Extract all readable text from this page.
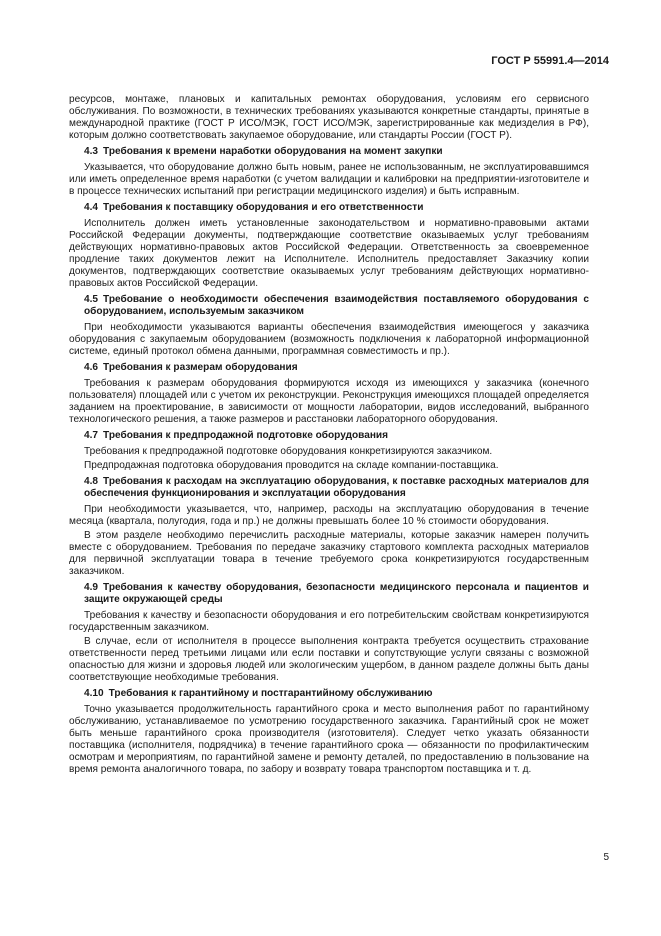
ГОСТ Р 55991.4—2014

ресурсов, монтаже, плановых и капитальных ремонтах оборудования, условиям его сервисного обслуживания. По возможности, в технических требованиях указываются конкретные стандарты, принятые в международной практике (ГОСТ Р ИСО/МЭК, ГОСТ ИСО/МЭК, зарегистрированные как медизделия в РФ), которым должно соответствовать закупаемое оборудование, или стандарты России (ГОСТ Р).

4.3 Требования к времени наработки оборудования на момент закупки

Указывается, что оборудование должно быть новым, ранее не использованным, не эксплуатировавшимся или иметь определенное время наработки (с учетом валидации и калибровки на предприятии-изготовителе и в процессе технических испытаний при регистрации медицинского изделия) и быть исправным.

4.4 Требования к поставщику оборудования и его ответственности

Исполнитель должен иметь установленные законодательством и нормативно-правовыми актами Российской Федерации документы, подтверждающие соответствие оказываемых услуг требованиям действующих нормативно-правовых актов Российской Федерации. Ответственность за своевременное продление таких документов лежит на Исполнителе. Исполнитель предоставляет Заказчику копии документов, подтверждающих соответствие оказываемых услуг требованиям действующих нормативно-правовых актов Российской Федерации.

4.5 Требование о необходимости обеспечения взаимодействия поставляемого оборудования с оборудованием, используемым заказчиком

При необходимости указываются варианты обеспечения взаимодействия имеющегося у заказчика оборудования с закупаемым оборудованием (возможность подключения к лабораторной информационной системе, единый протокол обмена данными, программная совместимость и пр.).

4.6 Требования к размерам оборудования

Требования к размерам оборудования формируются исходя из имеющихся у заказчика (конечного пользователя) площадей или с учетом их реконструкции. Реконструкция имеющихся площадей определяется заданием на проектирование, в зависимости от мощности лаборатории, видов исследований, выбранного технологического решения, а также размеров и расстановки лабораторного оборудования.

4.7 Требования к предпродажной подготовке оборудования

Требования к предпродажной подготовке оборудования конкретизируются заказчиком.

Предпродажная подготовка оборудования проводится на складе компании-поставщика.

4.8 Требования к расходам на эксплуатацию оборудования, к поставке расходных материалов для обеспечения функционирования и эксплуатации оборудования

При необходимости указывается, что, например, расходы на эксплуатацию оборудования в течение месяца (квартала, полугодия, года и пр.) не должны превышать более 10 % стоимости оборудования.

В этом разделе необходимо перечислить расходные материалы, которые заказчик намерен получить вместе с оборудованием. Требования по передаче заказчику стартового комплекта расходных материалов для первичной эксплуатации товара в течение требуемого срока конкретизируются государственным заказчиком.

4.9 Требования к качеству оборудования, безопасности медицинского персонала и пациентов и защите окружающей среды

Требования к качеству и безопасности оборудования и его потребительским свойствам конкретизируются государственным заказчиком.

В случае, если от исполнителя в процессе выполнения контракта требуется осуществить страхование ответственности перед третьими лицами или если поставки и сопутствующие услуги связаны с возможной опасностью для жизни и здоровья людей или экологическим ущербом, в данном разделе должны быть даны соответствующие необходимые требования.

4.10 Требования к гарантийному и постгарантийному обслуживанию

Точно указывается продолжительность гарантийного срока и место выполнения работ по гарантийному обслуживанию, устанавливаемое по усмотрению государственного заказчика. Гарантийный срок не может быть меньше гарантийного срока производителя (изготовителя). Следует четко указать обязанности поставщика (исполнителя, подрядчика) в течение гарантийного срока — обязанности по профилактическим осмотрам и мероприятиям, по гарантийной замене и ремонту деталей, по предоставлению в пользование на время ремонта аналогичного товара, по забору и возврату товара транспортом поставщика и т. д.

5
